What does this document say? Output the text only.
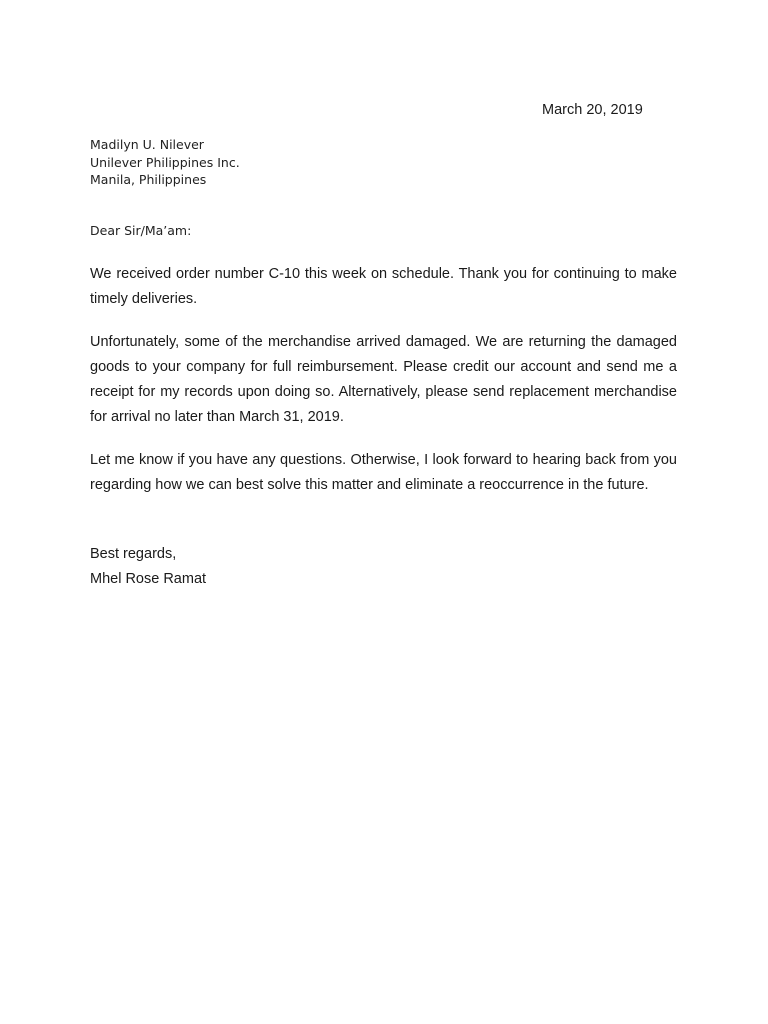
March 20, 2019
Madilyn U. Nilever
Unilever Philippines Inc.
Manila, Philippines
Dear Sir/Ma’am:

We received order number C-10 this week on schedule. Thank you for continuing to make timely deliveries.

Unfortunately, some of the merchandise arrived damaged. We are returning the damaged goods to your company for full reimbursement. Please credit our account and send me a receipt for my records upon doing so. Alternatively, please send replacement merchandise for arrival no later than March 31, 2019.

Let me know if you have any questions. Otherwise, I look forward to hearing back from you regarding how we can best solve this matter and eliminate a reoccurrence in the future.

Best regards,
Mhel Rose Ramat
